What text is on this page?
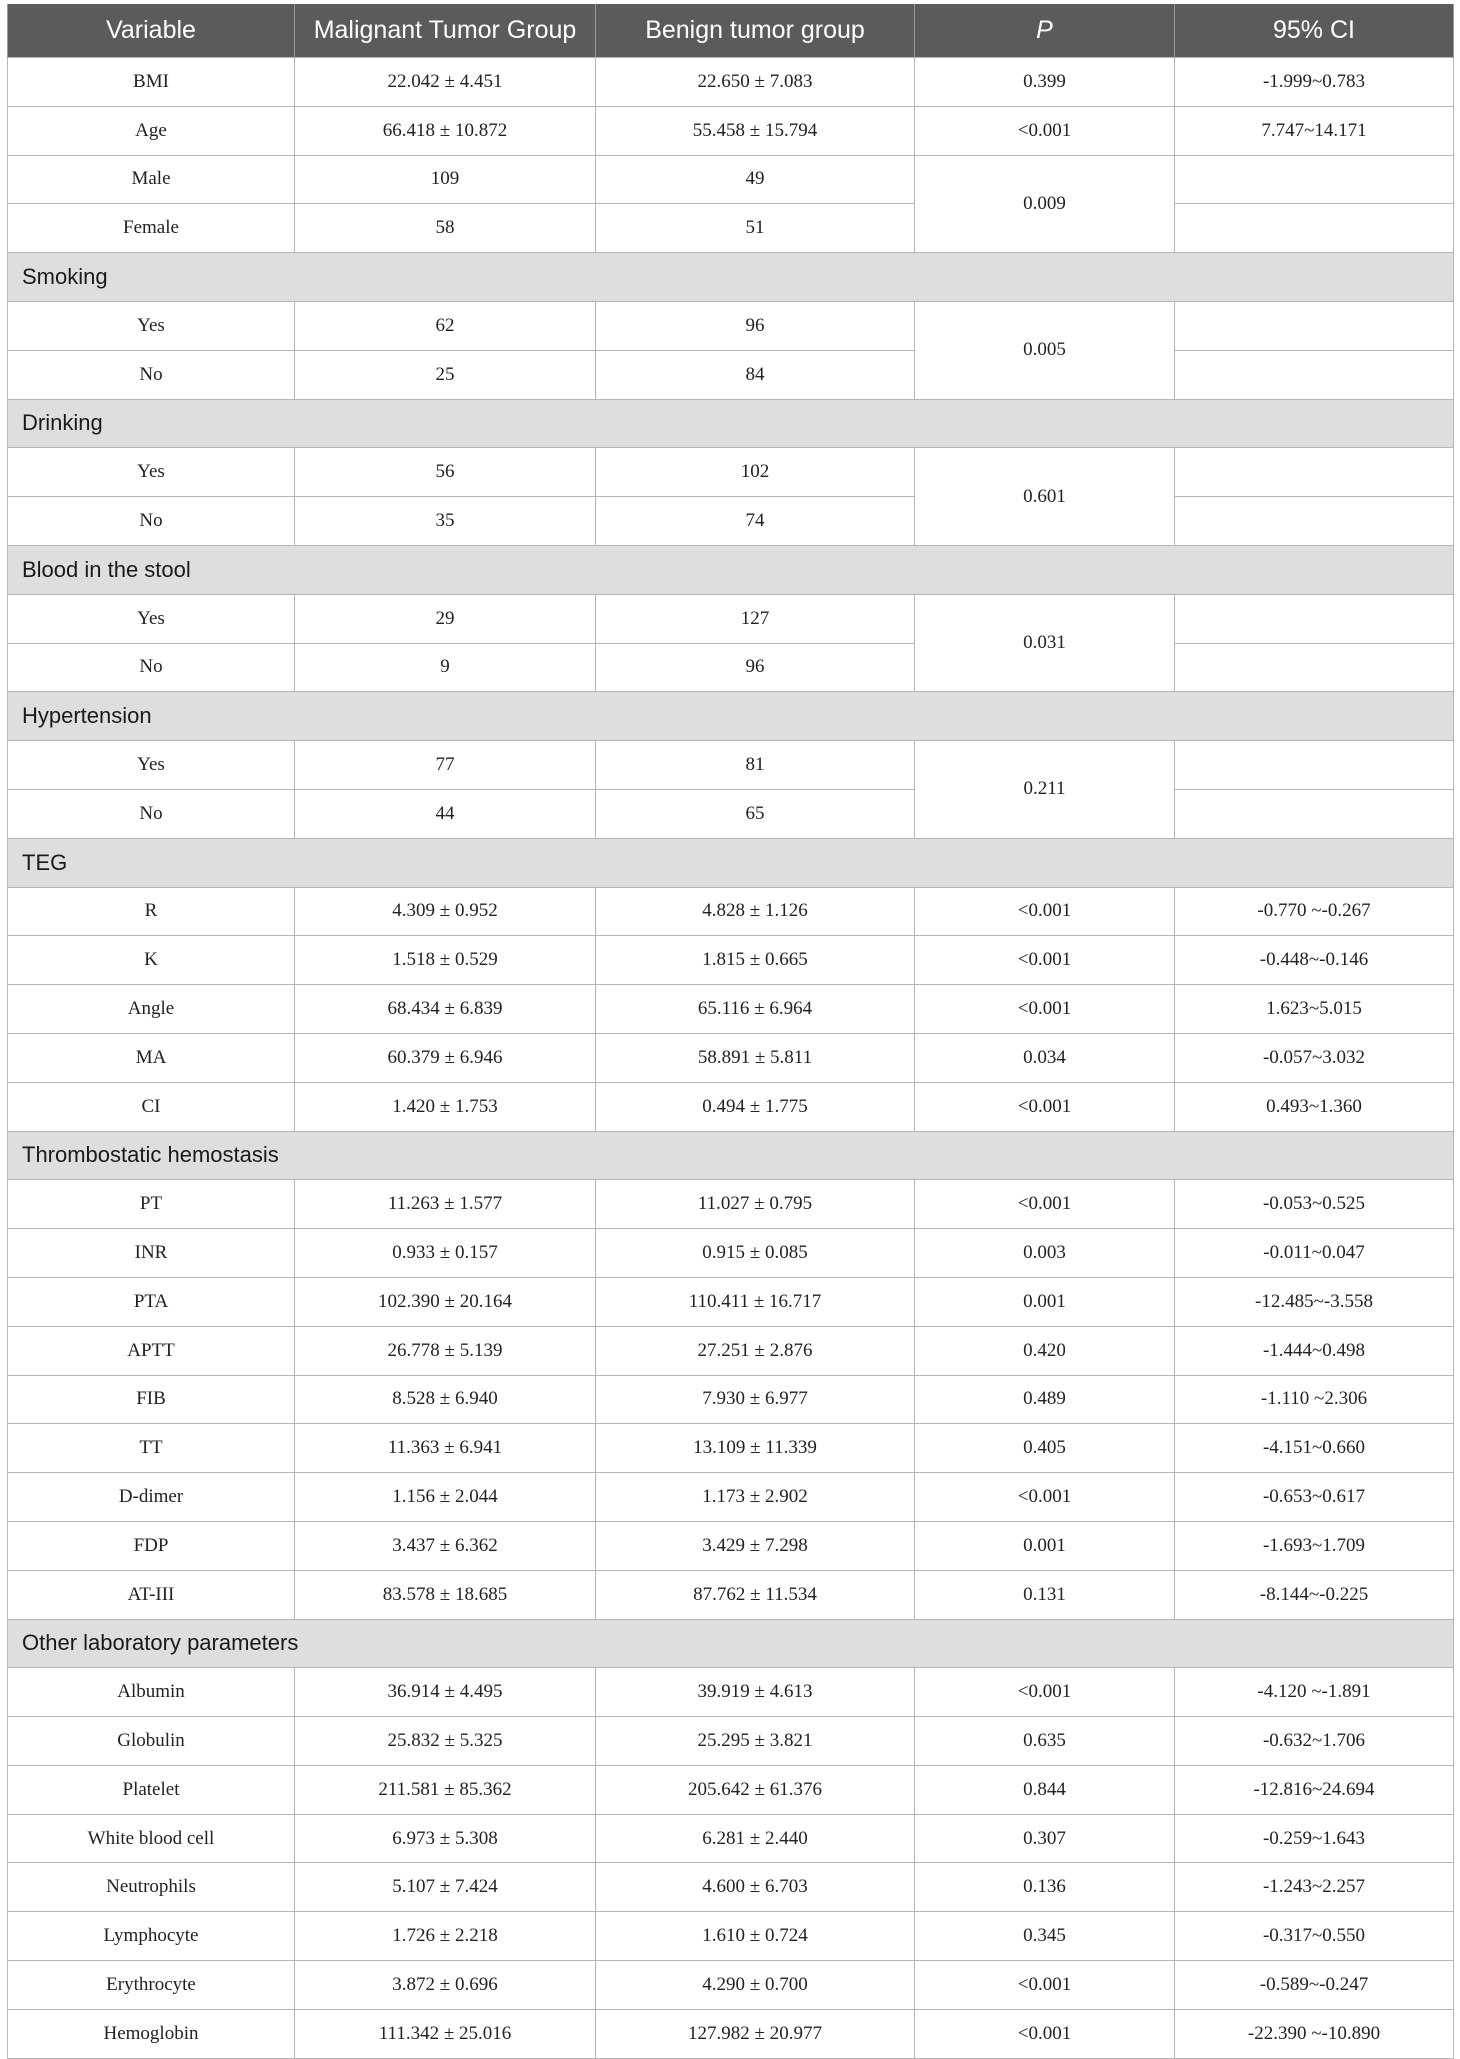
Variable	Malignant Tumor Group	Benign tumor group	P	95% CI
BMI	22.042 ± 4.451	22.650 ± 7.083	0.399	-1.999~0.783
Age	66.418 ± 10.872	55.458 ± 15.794	<0.001	7.747~14.171
Male	109	49	0.009	
Female	58	51		
Smoking				
Yes	62	96	0.005	
No	25	84		
Drinking				
Yes	56	102	0.601	
No	35	74		
Blood in the stool				
Yes	29	127	0.031	
No	9	96		
Hypertension				
Yes	77	81	0.211	
No	44	65		
TEG				
R	4.309 ± 0.952	4.828 ± 1.126	<0.001	-0.770 ~-0.267
K	1.518 ± 0.529	1.815 ± 0.665	<0.001	-0.448~-0.146
Angle	68.434 ± 6.839	65.116 ± 6.964	<0.001	1.623~5.015
MA	60.379 ± 6.946	58.891 ± 5.811	0.034	-0.057~3.032
CI	1.420 ± 1.753	0.494 ± 1.775	<0.001	0.493~1.360
Thrombostatic hemostasis				
PT	11.263 ± 1.577	11.027 ± 0.795	<0.001	-0.053~0.525
INR	0.933 ± 0.157	0.915 ± 0.085	0.003	-0.011~0.047
PTA	102.390 ± 20.164	110.411 ± 16.717	0.001	-12.485~-3.558
APTT	26.778 ± 5.139	27.251 ± 2.876	0.420	-1.444~0.498
FIB	8.528 ± 6.940	7.930 ± 6.977	0.489	-1.110 ~2.306
TT	11.363 ± 6.941	13.109 ± 11.339	0.405	-4.151~0.660
D-dimer	1.156 ± 2.044	1.173 ± 2.902	<0.001	-0.653~0.617
FDP	3.437 ± 6.362	3.429 ± 7.298	0.001	-1.693~1.709
AT-III	83.578 ± 18.685	87.762 ± 11.534	0.131	-8.144~-0.225
Other laboratory parameters				
Albumin	36.914 ± 4.495	39.919 ± 4.613	<0.001	-4.120 ~-1.891
Globulin	25.832 ± 5.325	25.295 ± 3.821	0.635	-0.632~1.706
Platelet	211.581 ± 85.362	205.642 ± 61.376	0.844	-12.816~24.694
White blood cell	6.973 ± 5.308	6.281 ± 2.440	0.307	-0.259~1.643
Neutrophils	5.107 ± 7.424	4.600 ± 6.703	0.136	-1.243~2.257
Lymphocyte	1.726 ± 2.218	1.610 ± 0.724	0.345	-0.317~0.550
Erythrocyte	3.872 ± 0.696	4.290 ± 0.700	<0.001	-0.589~-0.247
Hemoglobin	111.342 ± 25.016	127.982 ± 20.977	<0.001	-22.390 ~-10.890
